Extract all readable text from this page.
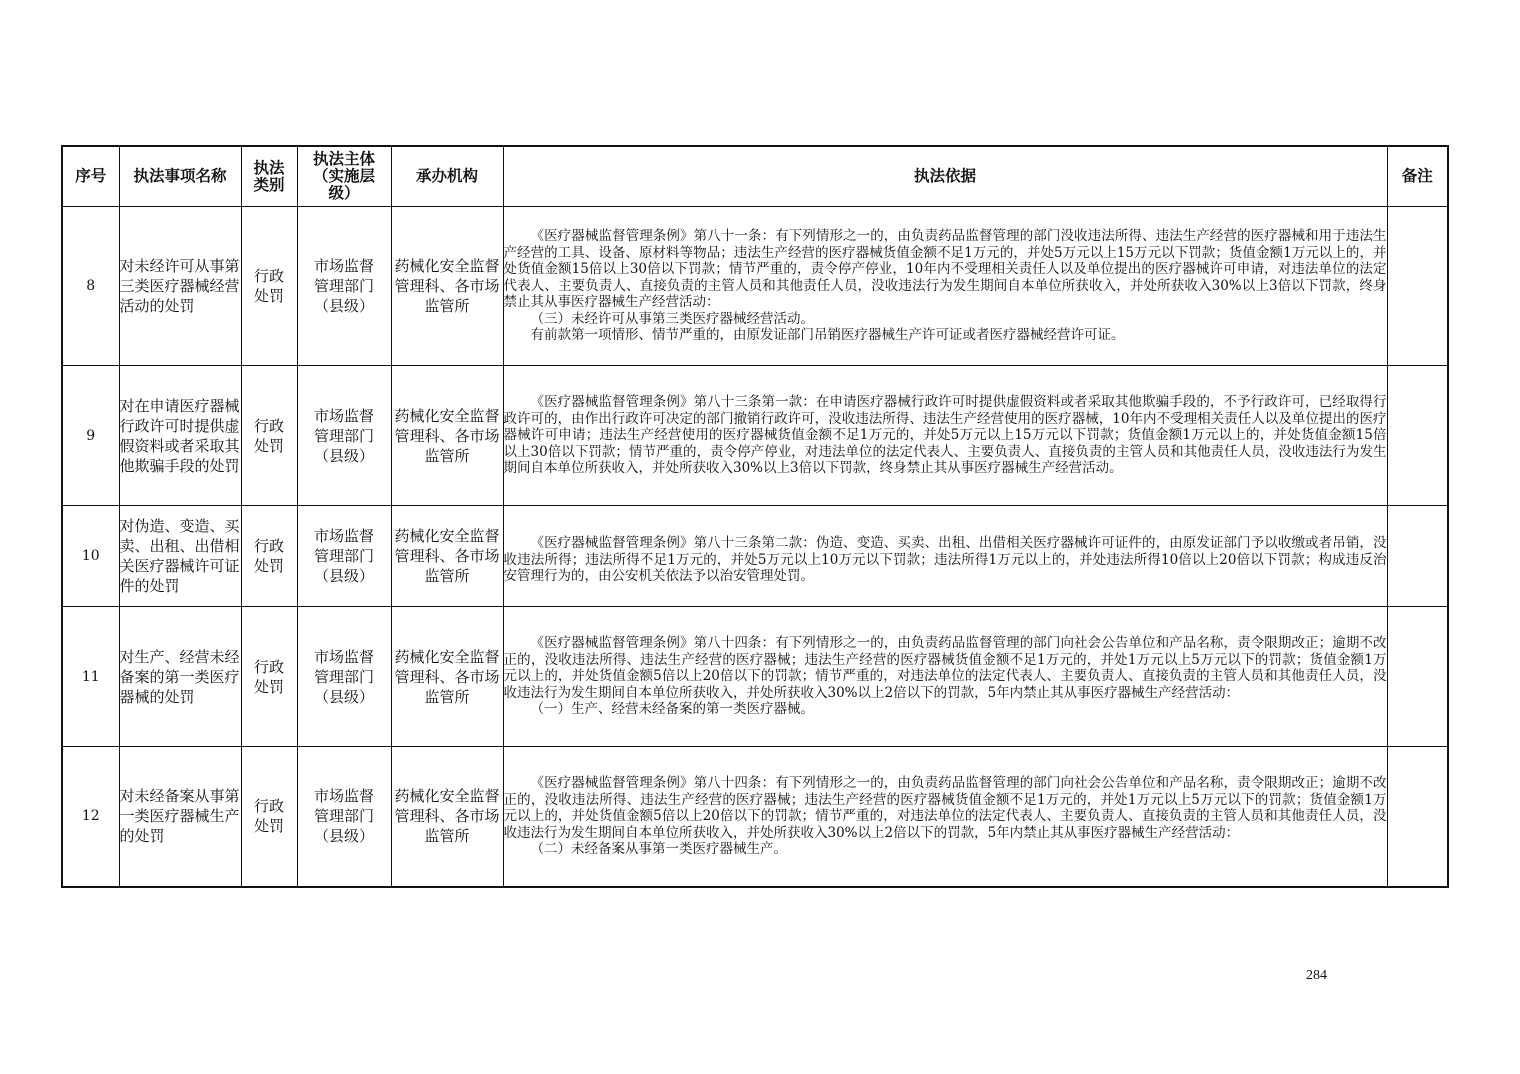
序号	执法事项名称	执法类别	执法主体（实施层级）	承办机构	执法依据	备注
8	对未经许可从事第三类医疗器械经营活动的处罚	行政处罚	市场监督管理部门（县级）	药械化安全监督管理科、各市场监管所	《医疗器械监督管理条例》第八十一条：有下列情形之一的，由负责药品监督管理的部门没收违法所得、违法生产经营的医疗器械和用于违法生产经营的工具、设备、原材料等物品；违法生产经营的医疗器械货值金额不足1万元的，并处5万元以上15万元以下罚款；货值金额1万元以上的，并处货值金额15倍以上30倍以下罚款；情节严重的，责令停产停业，10年内不受理相关责任人以及单位提出的医疗器械许可申请，对违法单位的法定代表人、主要负责人、直接负责的主管人员和其他责任人员，没收违法行为发生期间自本单位所获收入，并处所获收入30%以上3倍以下罚款，终身禁止其从事医疗器械生产经营活动：

（三）未经许可从事第三类医疗器械经营活动。

有前款第一项情形、情节严重的，由原发证部门吊销医疗器械生产许可证或者医疗器械经营许可证。	

9	对在申请医疗器械行政许可时提供虚假资料或者采取其他欺骗手段的处罚	行政处罚	市场监督管理部门（县级）	药械化安全监督管理科、各市场监管所	《医疗器械监督管理条例》第八十三条第一款：在申请医疗器械行政许可时提供虚假资料或者采取其他欺骗手段的，不予行政许可，已经取得行政许可的，由作出行政许可决定的部门撤销行政许可，没收违法所得、违法生产经营使用的医疗器械，10年内不受理相关责任人以及单位提出的医疗器械许可申请；违法生产经营使用的医疗器械货值金额不足1万元的，并处5万元以上15万元以下罚款；货值金额1万元以上的，并处货值金额15倍以上30倍以下罚款；情节严重的，责令停产停业，对违法单位的法定代表人、主要负责人、直接负责的主管人员和其他责任人员，没收违法行为发生期间自本单位所获收入，并处所获收入30%以上3倍以下罚款，终身禁止其从事医疗器械生产经营活动。	

10	对伪造、变造、买卖、出租、出借相关医疗器械许可证件的处罚	行政处罚	市场监督管理部门（县级）	药械化安全监督管理科、各市场监管所	《医疗器械监督管理条例》第八十三条第二款：伪造、变造、买卖、出租、出借相关医疗器械许可证件的，由原发证部门予以收缴或者吊销，没收违法所得；违法所得不足1万元的，并处5万元以上10万元以下罚款；违法所得1万元以上的，并处违法所得10倍以上20倍以下罚款；构成违反治安管理行为的，由公安机关依法予以治安管理处罚。	

11	对生产、经营未经备案的第一类医疗器械的处罚	行政处罚	市场监督管理部门（县级）	药械化安全监督管理科、各市场监管所	《医疗器械监督管理条例》第八十四条：有下列情形之一的，由负责药品监督管理的部门向社会公告单位和产品名称，责令限期改正；逾期不改正的，没收违法所得、违法生产经营的医疗器械；违法生产经营的医疗器械货值金额不足1万元的，并处1万元以上5万元以下的罚款；货值金额1万元以上的，并处货值金额5倍以上20倍以下的罚款；情节严重的，对违法单位的法定代表人、主要负责人、直接负责的主管人员和其他责任人员，没收违法行为发生期间自本单位所获收入，并处所获收入30%以上2倍以下的罚款，5年内禁止其从事医疗器械生产经营活动：

（一）生产、经营未经备案的第一类医疗器械。	

12	对未经备案从事第一类医疗器械生产的处罚	行政处罚	市场监督管理部门（县级）	药械化安全监督管理科、各市场监管所	《医疗器械监督管理条例》第八十四条：有下列情形之一的，由负责药品监督管理的部门向社会公告单位和产品名称，责令限期改正；逾期不改正的，没收违法所得、违法生产经营的医疗器械；违法生产经营的医疗器械货值金额不足1万元的，并处1万元以上5万元以下的罚款；货值金额1万元以上的，并处货值金额5倍以上20倍以下的罚款；情节严重的，对违法单位的法定代表人、主要负责人、直接负责的主管人员和其他责任人员，没收违法行为发生期间自本单位所获收入，并处所获收入30%以上2倍以下的罚款，5年内禁止其从事医疗器械生产经营活动：

（二）未经备案从事第一类医疗器械生产。	

284
